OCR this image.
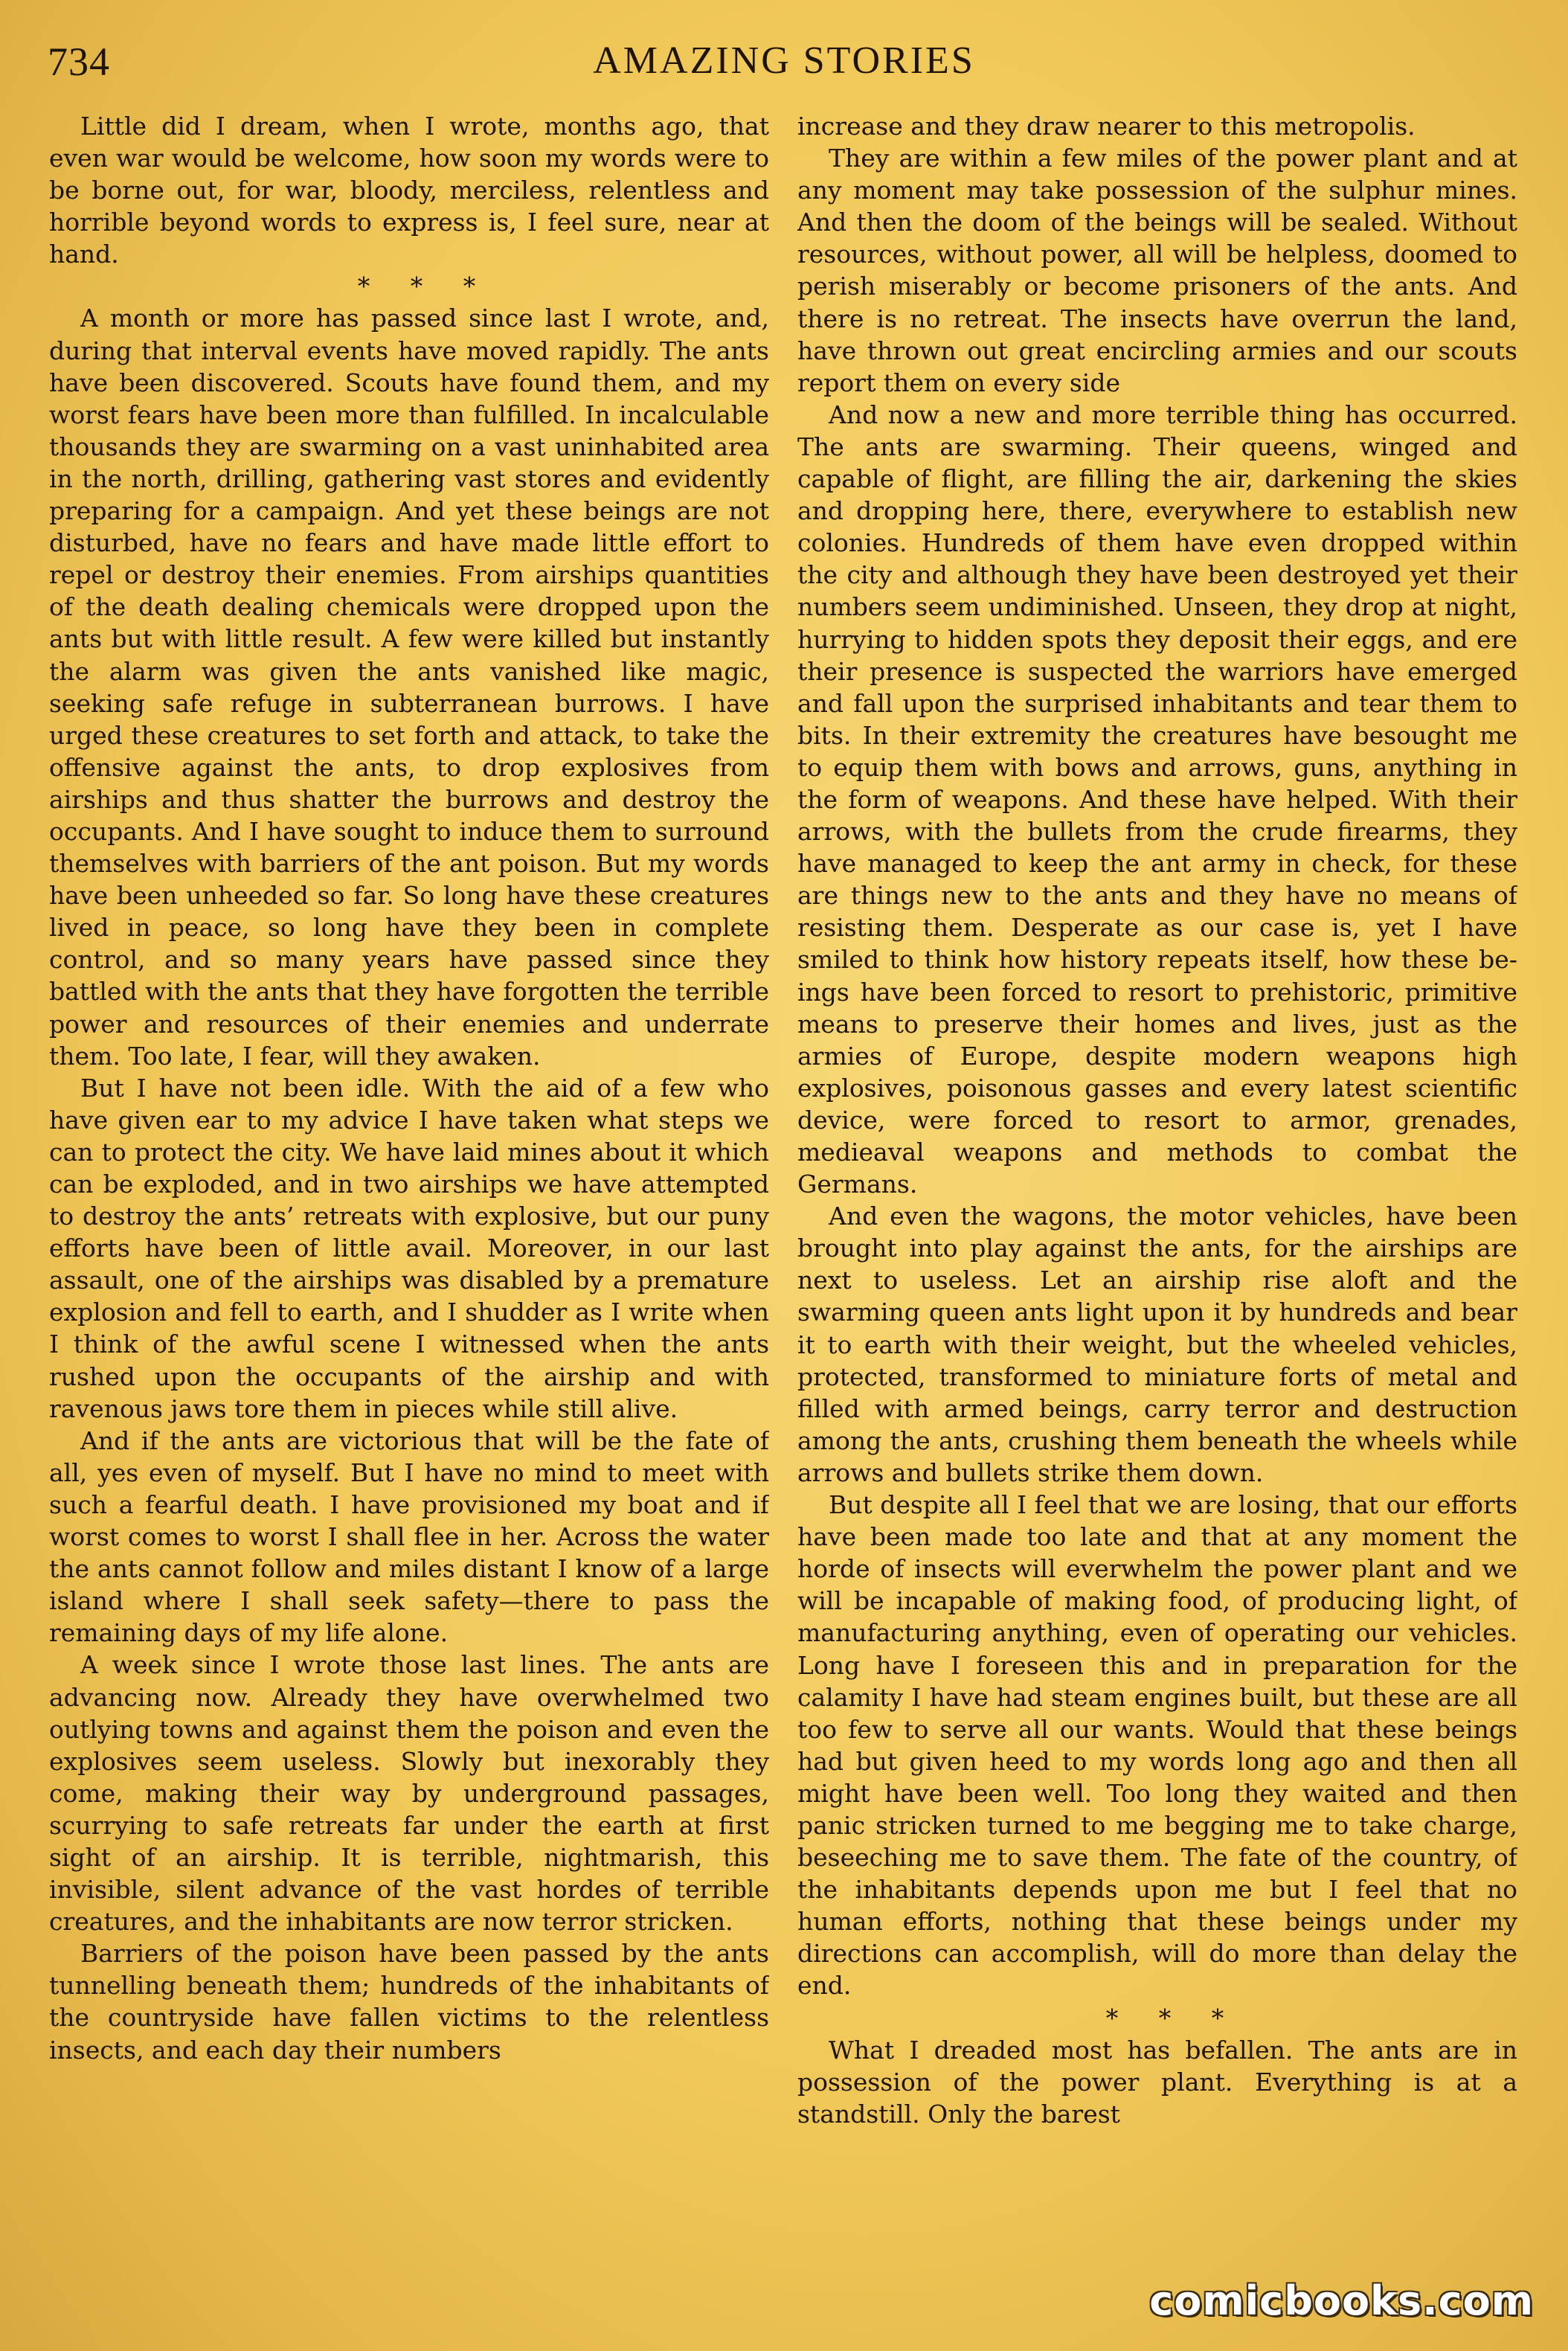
734	AMAZING STORIES

Little did I dream, when I wrote, months ago, that even war would be welcome, how soon my words were to be borne out, for war, bloody, merciless, relentless and horrible beyond words to express is, I feel sure, near at hand.

* * *

A month or more has passed since last I wrote, and, during that interval events have moved rapidly. The ants have been discovered. Scouts have found them, and my worst fears have been more than fulfilled. In incalculable thousands they are swarming on a vast uninhabited area in the north, drilling, gathering vast stores and evidently preparing for a campaign. And yet these beings are not disturbed, have no fears and have made little effort to repel or destroy their enemies. From airships quantities of the death dealing chemicals were dropped upon the ants but with little result. A few were killed but instantly the alarm was given the ants vanished like magic, seeking safe refuge in subterranean burrows. I have urged these creatures to set forth and attack, to take the offensive against the ants, to drop explosives from airships and thus shatter the burrows and destroy the occupants. And I have sought to induce them to surround themselves with barriers of the ant poison. But my words have been unheeded so far. So long have these creatures lived in peace, so long have they been in complete control, and so many years have passed since they battled with the ants that they have forgotten the terrible power and resources of their enemies and underrate them. Too late, I fear, will they awaken.

But I have not been idle. With the aid of a few who have given ear to my advice I have taken what steps we can to protect the city. We have laid mines about it which can be exploded, and in two airships we have attempted to destroy the ants’ retreats with explosive, but our puny efforts have been of little avail. Moreover, in our last assault, one of the airships was disabled by a premature explosion and fell to earth, and I shudder as I write when I think of the awful scene I witnessed when the ants rushed upon the occupants of the airship and with ravenous jaws tore them in pieces while still alive.

And if the ants are victorious that will be the fate of all, yes even of myself. But I have no mind to meet with such a fearful death. I have provisioned my boat and if worst comes to worst I shall flee in her. Across the water the ants cannot follow and miles distant I know of a large island where I shall seek safety—there to pass the remaining days of my life alone.

A week since I wrote those last lines. The ants are advancing now. Already they have overwhelmed two outlying towns and against them the poison and even the explosives seem useless. Slowly but inexorably they come, making their way by underground passages, scurrying to safe retreats far under the earth at first sight of an airship. It is terrible, nightmarish, this invisible, silent advance of the vast hordes of terrible creatures, and the inhabitants are now terror stricken.

Barriers of the poison have been passed by the ants tunnelling beneath them; hundreds of the inhabitants of the countryside have fallen victims to the relentless insects, and each day their numbers

increase and they draw nearer to this metropolis.

They are within a few miles of the power plant and at any moment may take possession of the sulphur mines. And then the doom of the beings will be sealed. Without resources, without power, all will be helpless, doomed to perish miserably or become prisoners of the ants. And there is no retreat. The insects have overrun the land, have thrown out great encircling armies and our scouts report them on every side

And now a new and more terrible thing has occurred. The ants are swarming. Their queens, winged and capable of flight, are filling the air, darkening the skies and dropping here, there, everywhere to establish new colonies. Hundreds of them have even dropped within the city and although they have been destroyed yet their numbers seem undiminished. Unseen, they drop at night, hurrying to hidden spots they deposit their eggs, and ere their presence is suspected the warriors have emerged and fall upon the surprised inhabitants and tear them to bits. In their extremity the creatures have besought me to equip them with bows and arrows, guns, anything in the form of weapons. And these have helped. With their arrows, with the bullets from the crude firearms, they have managed to keep the ant army in check, for these are things new to the ants and they have no means of resisting them. Desperate as our case is, yet I have smiled to think how history repeats itself, how these beings have been forced to resort to prehistoric, primitive means to preserve their homes and lives, just as the armies of Europe, despite modern weapons high explosives, poisonous gasses and every latest scientific device, were forced to resort to armor, grenades, medieaval weapons and methods to combat the Germans.

And even the wagons, the motor vehicles, have been brought into play against the ants, for the airships are next to useless. Let an airship rise aloft and the swarming queen ants light upon it by hundreds and bear it to earth with their weight, but the wheeled vehicles, protected, transformed to miniature forts of metal and filled with armed beings, carry terror and destruction among the ants, crushing them beneath the wheels while arrows and bullets strike them down.

But despite all I feel that we are losing, that our efforts have been made too late and that at any moment the horde of insects will everwhelm the power plant and we will be incapable of making food, of producing light, of manufacturing anything, even of operating our vehicles. Long have I foreseen this and in preparation for the calamity I have had steam engines built, but these are all too few to serve all our wants. Would that these beings had but given heed to my words long ago and then all might have been well. Too long they waited and then panic stricken turned to me begging me to take charge, beseeching me to save them. The fate of the country, of the inhabitants depends upon me but I feel that no human efforts, nothing that these beings under my directions can accomplish, will do more than delay the end.

* * *

What I dreaded most has befallen. The ants are in possession of the power plant. Everything is at a standstill. Only the barest

comicbooks.com
